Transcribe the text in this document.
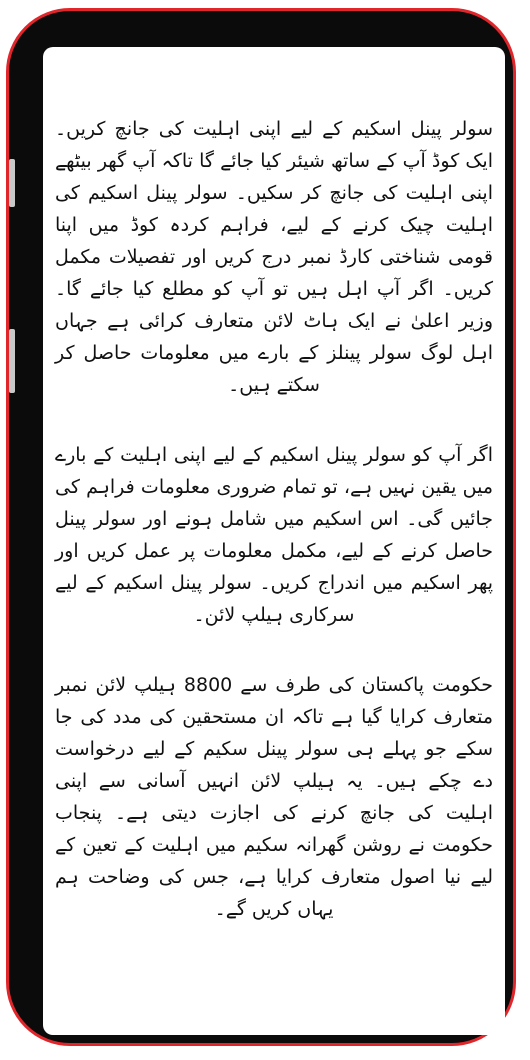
سولر پینل اسکیم کے لیے اپنی اہلیت کی جانچ کریں۔ ایک کوڈ آپ کے ساتھ شیئر کیا جائے گا تاکہ آپ گھر بیٹھے اپنی اہلیت کی جانچ کر سکیں۔ سولر پینل اسکیم کی اہلیت چیک کرنے کے لیے، فراہم کردہ کوڈ میں اپنا قومی شناختی کارڈ نمبر درج کریں اور تفصیلات مکمل کریں۔ اگر آپ اہل ہیں تو آپ کو مطلع کیا جائے گا۔ وزیر اعلیٰ نے ایک ہاٹ لائن متعارف کرائی ہے جہاں اہل لوگ سولر پینلز کے بارے میں معلومات حاصل کر سکتے ہیں۔

اگر آپ کو سولر پینل اسکیم کے لیے اپنی اہلیت کے بارے میں یقین نہیں ہے، تو تمام ضروری معلومات فراہم کی جائیں گی۔ اس اسکیم میں شامل ہونے اور سولر پینل حاصل کرنے کے لیے، مکمل معلومات پر عمل کریں اور پھر اسکیم میں اندراج کریں۔ سولر پینل اسکیم کے لیے سرکاری ہیلپ لائن۔

حکومت پاکستان کی طرف سے 8800 ہیلپ لائن نمبر متعارف کرایا گیا ہے تاکہ ان مستحقین کی مدد کی جا سکے جو پہلے ہی سولر پینل سکیم کے لیے درخواست دے چکے ہیں۔ یہ ہیلپ لائن انہیں آسانی سے اپنی اہلیت کی جانچ کرنے کی اجازت دیتی ہے۔ پنجاب حکومت نے روشن گھرانہ سکیم میں اہلیت کے تعین کے لیے نیا اصول متعارف کرایا ہے، جس کی وضاحت ہم یہاں کریں گے۔
